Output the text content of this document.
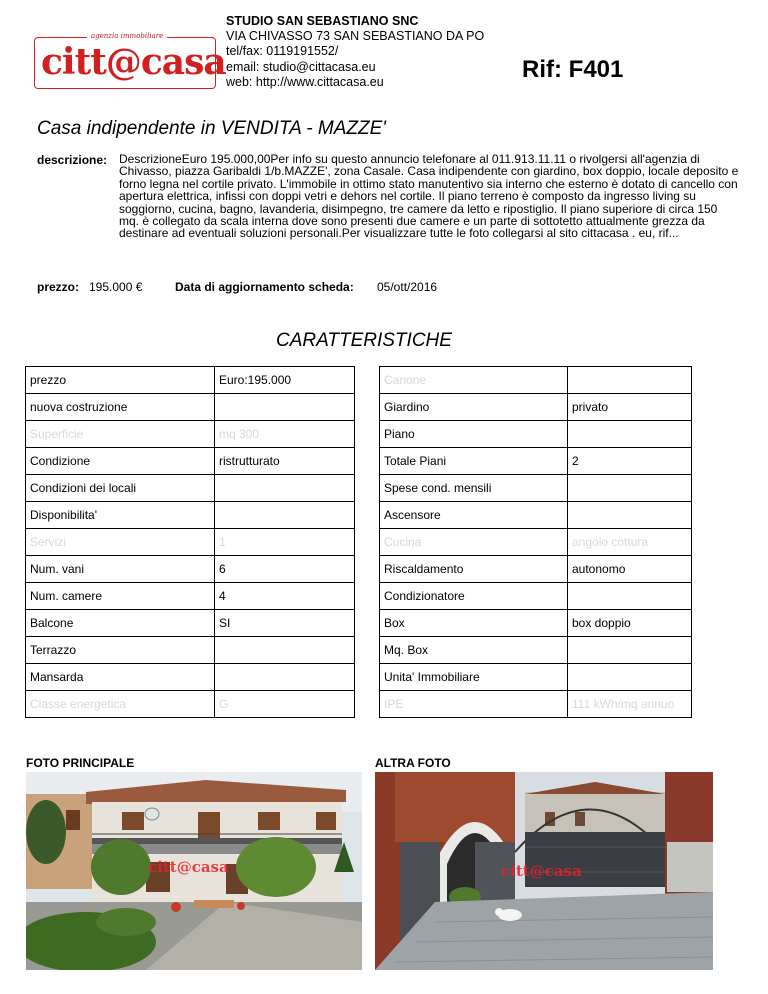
agenzia immobiliare
citt@casa
STUDIO SAN SEBASTIANO SNC
VIA CHIVASSO 73 SAN SEBASTIANO DA PO
tel/fax: 0119191552/
email: studio@cittacasa.eu
web: http://www.cittacasa.eu	Rif: F401
Casa indipendente in VENDITA - MAZZE'
descrizione: DescrizioneEuro 195.000,00Per info su questo annuncio telefonare al 011.913.11.11 o rivolgersi all'agenzia di Chivasso, piazza Garibaldi 1/b.MAZZE', zona Casale. Casa indipendente con giardino, box doppio, locale deposito e forno legna nel cortile privato. L'immobile in ottimo stato manutentivo sia interno che esterno è dotato di cancello con apertura elettrica, infissi con doppi vetri e dehors nel cortile. Il piano terreno è composto da ingresso living su soggiorno, cucina, bagno, lavanderia, disimpegno, tre camere da letto e ripostiglio. Il piano superiore di circa 150 mq. è collegato da scala interna dove sono presenti due camere e un parte di sottotetto attualmente grezza da destinare ad eventuali soluzioni personali.Per visualizzare tutte le foto collegarsi al sito cittacasa . eu, rif...
prezzo: 195.000 €	Data di aggiornamento scheda: 05/ott/2016
CARATTERISTICHE
prezzo	Euro:195.000		Canone	
nuova costruzione			Giardino	privato
Superficie	mq 300		Piano	
Condizione	ristrutturato		Totale Piani	2
Condizioni dei locali			Spese cond. mensili	
Disponibilita'			Ascensore	
Servizi	1		Cucina	angolo cottura
Num. vani	6		Riscaldamento	autonomo
Num. camere	4		Condizionatore	
Balcone	SI		Box	box doppio
Terrazzo			Mq. Box	
Mansarda			Unita' Immobiliare	
Classe energetica	G		IPE	111 kWh/mq annuo
FOTO PRINCIPALE	ALTRA FOTO
citt@casa	citt@casa
